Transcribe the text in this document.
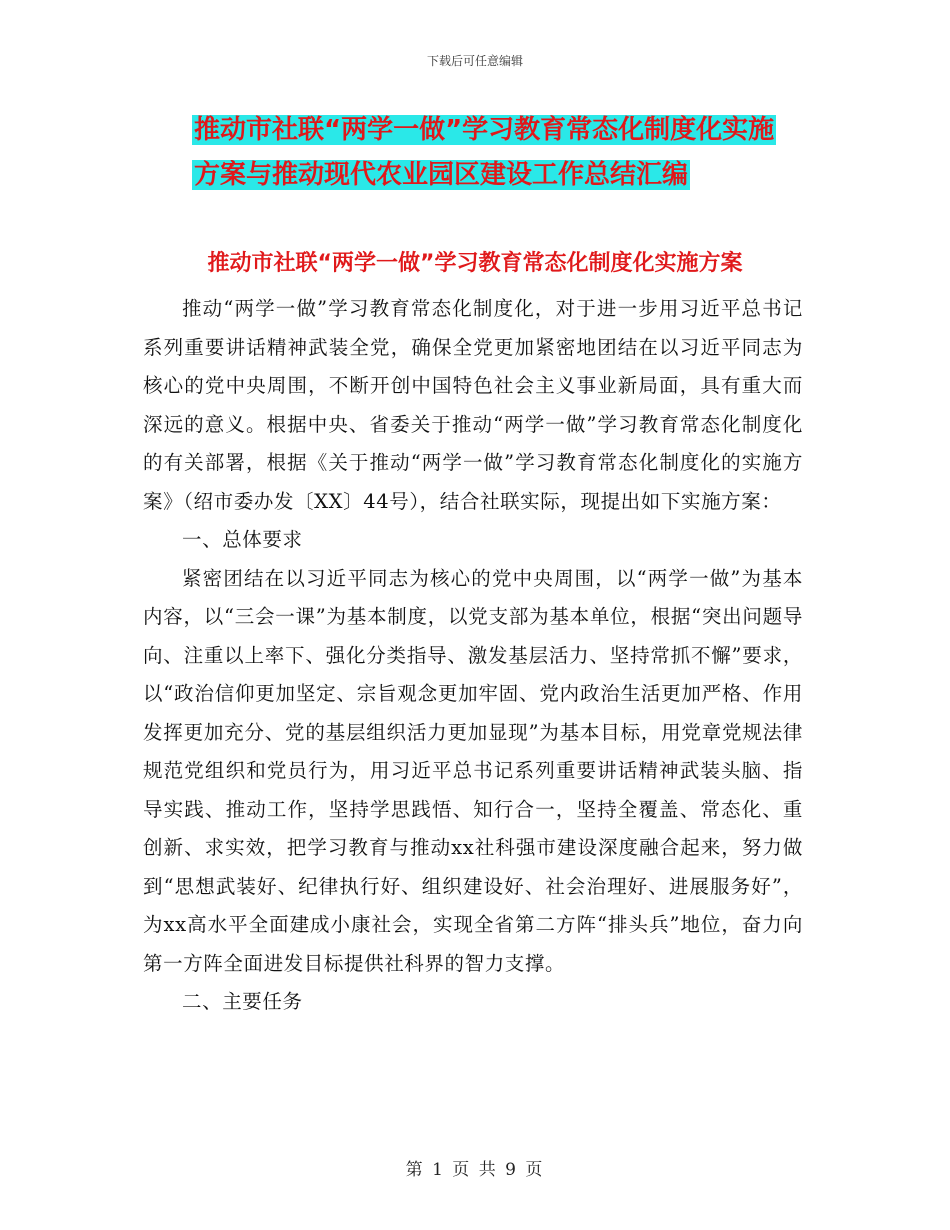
下载后可任意编辑
推动市社联“两学一做”学习教育常态化制度化实施
方案与推动现代农业园区建设工作总结汇编
推动市社联“两学一做”学习教育常态化制度化实施方案

推动“两学一做”学习教育常态化制度化，对于进一步用习近平总书记系列重要讲话精神武装全党，确保全党更加紧密地团结在以习近平同志为核心的党中央周围，不断开创中国特色社会主义事业新局面，具有重大而深远的意义。根据中央、省委关于推动“两学一做”学习教育常态化制度化的有关部署，根据《关于推动“两学一做”学习教育常态化制度化的实施方案》（绍市委办发〔XX〕44号），结合社联实际，现提出如下实施方案：

一、总体要求

紧密团结在以习近平同志为核心的党中央周围，以“两学一做”为基本内容，以“三会一课”为基本制度，以党支部为基本单位，根据“突出问题导向、注重以上率下、强化分类指导、激发基层活力、坚持常抓不懈”要求，以“政治信仰更加坚定、宗旨观念更加牢固、党内政治生活更加严格、作用发挥更加充分、党的基层组织活力更加显现”为基本目标，用党章党规法律规范党组织和党员行为，用习近平总书记系列重要讲话精神武装头脑、指导实践、推动工作，坚持学思践悟、知行合一，坚持全覆盖、常态化、重创新、求实效，把学习教育与推动xx社科强市建设深度融合起来，努力做到“思想武装好、纪律执行好、组织建设好、社会治理好、进展服务好”，为xx高水平全面建成小康社会，实现全省第二方阵“排头兵”地位，奋力向第一方阵全面进发目标提供社科界的智力支撑。

二、主要任务

第 1 页 共 9 页
